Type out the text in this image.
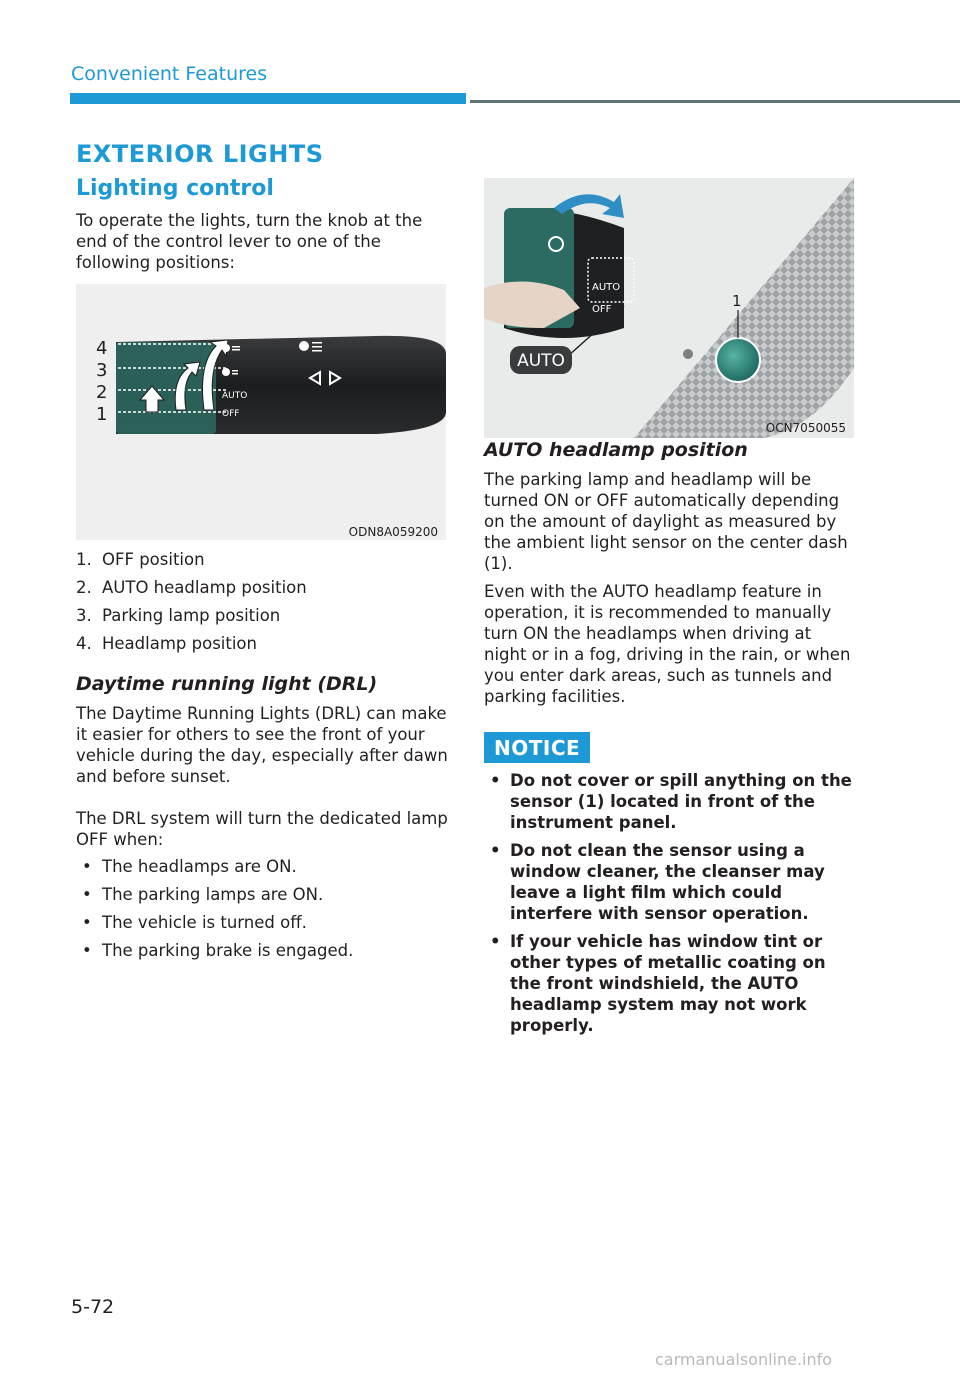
Convenient Features
EXTERIOR LIGHTS
Lighting control

To operate the lights, turn the knob at the end of the control lever to one of the following positions:

4
3
2
1
AUTO
OFF
ODN8A059200
1. OFF position
2. AUTO headlamp position
3. Parking lamp position
4. Headlamp position

Daytime running light (DRL)

The Daytime Running Lights (DRL) can make it easier for others to see the front of your vehicle during the day, especially after dawn and before sunset.

The DRL system will turn the dedicated lamp OFF when:

• The headlamps are ON.
• The parking lamps are ON.
• The vehicle is turned off.
• The parking brake is engaged.
AUTO
OFF
AUTO
1
OCN7050055

AUTO headlamp position

The parking lamp and headlamp will be turned ON or OFF automatically depending on the amount of daylight as measured by the ambient light sensor on the center dash (1).

Even with the AUTO headlamp feature in operation, it is recommended to manually turn ON the headlamps when driving at night or in a fog, driving in the rain, or when you enter dark areas, such as tunnels and parking facilities.

NOTICE
• Do not cover or spill anything on the sensor (1) located in front of the instrument panel.
• Do not clean the sensor using a window cleaner, the cleanser may leave a light film which could interfere with sensor operation.
• If your vehicle has window tint or other types of metallic coating on the front windshield, the AUTO headlamp system may not work properly.
5-72
carmanualsonline.info
